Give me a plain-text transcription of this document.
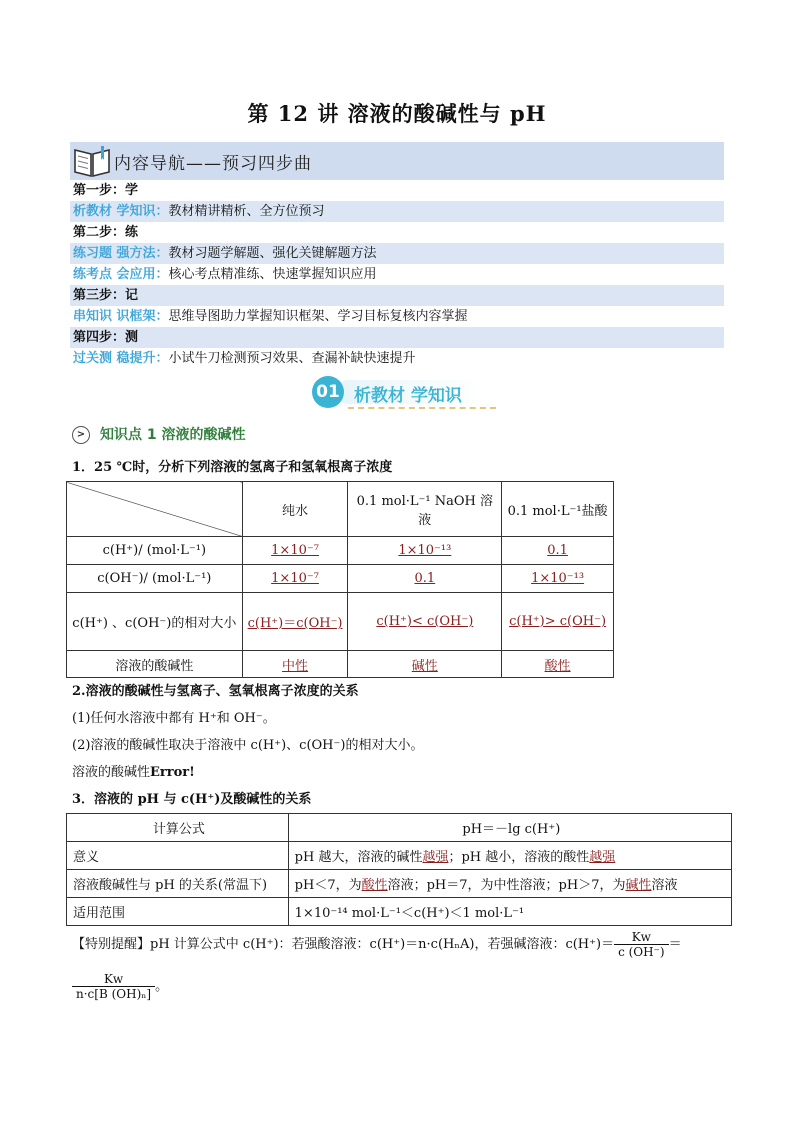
第 12 讲 溶液的酸碱性与 pH
内容导航——预习四步曲
第一步：学
析教材 学知识：教材精讲精析、全方位预习
第二步：练
练习题 强方法：教材习题学解题、强化关键解题方法
练考点 会应用：核心考点精准练、快速掌握知识应用
第三步：记
串知识 识框架：思维导图助力掌握知识框架、学习目标复核内容掌握
第四步：测
过关测 稳提升：小试牛刀检测预习效果、查漏补缺快速提升
01 析教材 学知识
> 知识点 1 溶液的酸碱性
1．25 ℃时，分析下列溶液的氢离子和氢氧根离子浓度
	纯水	0.1 mol·L⁻¹ NaOH 溶液	0.1 mol·L⁻¹盐酸
c(H⁺)/ (mol·L⁻¹)	1×10⁻⁷	1×10⁻¹³	0.1
c(OH⁻)/ (mol·L⁻¹)	1×10⁻⁷	0.1	1×10⁻¹³
c(H⁺) 、c(OH⁻)的相对大小	c(H⁺)＝c(OH⁻)	c(H⁺)< c(OH⁻)	c(H⁺)> c(OH⁻)
溶液的酸碱性	中性	碱性	酸性
2.溶液的酸碱性与氢离子、氢氧根离子浓度的关系
(1)任何水溶液中都有 H⁺和 OH⁻。
(2)溶液的酸碱性取决于溶液中 c(H⁺)、c(OH⁻)的相对大小。
溶液的酸碱性Error!
3．溶液的 pH 与 c(H⁺)及酸碱性的关系
计算公式	pH＝－lg c(H⁺)
意义	pH 越大，溶液的碱性越强；pH 越小，溶液的酸性越强
溶液酸碱性与 pH 的关系(常温下)	pH＜7，为酸性溶液；pH＝7，为中性溶液；pH＞7，为碱性溶液
适用范围	1×10⁻¹⁴ mol·L⁻¹＜c(H⁺)＜1 mol·L⁻¹
【特别提醒】pH 计算公式中 c(H⁺)：若强酸溶液：c(H⁺)＝n·c(HₙA)，若强碱溶液：$c(H^+)= \frac{Kw}{c (OH^-)}$ ＝
$\frac{Kw}{\text{n·c[B (OH)ₙ]}}$ 。
